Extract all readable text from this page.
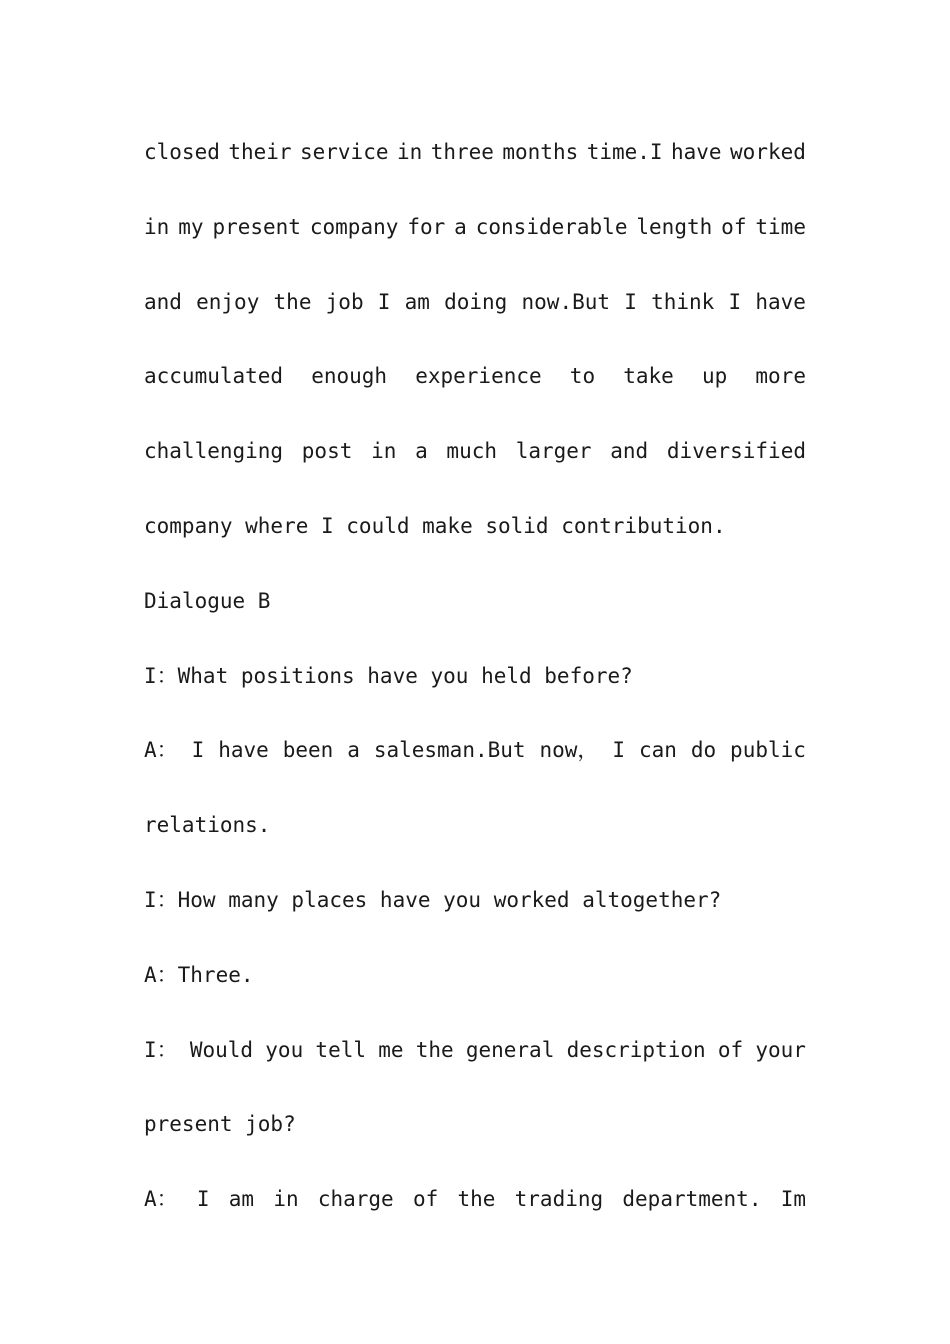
closed their service in three months time.I have worked
in my present company for a considerable length of time
and enjoy the job I am doing now.But I think I have
accumulated enough experience to take up more
challenging post in a much larger and diversified
company where I could make solid contribution.
Dialogue B
I：What positions have you held before?
A： I have been a salesman.But now， I can do public
relations.
I：How many places have you worked altogether?
A：Three.
I： Would you tell me the general description of your
present job?
A： I am in charge of the trading department. Im
